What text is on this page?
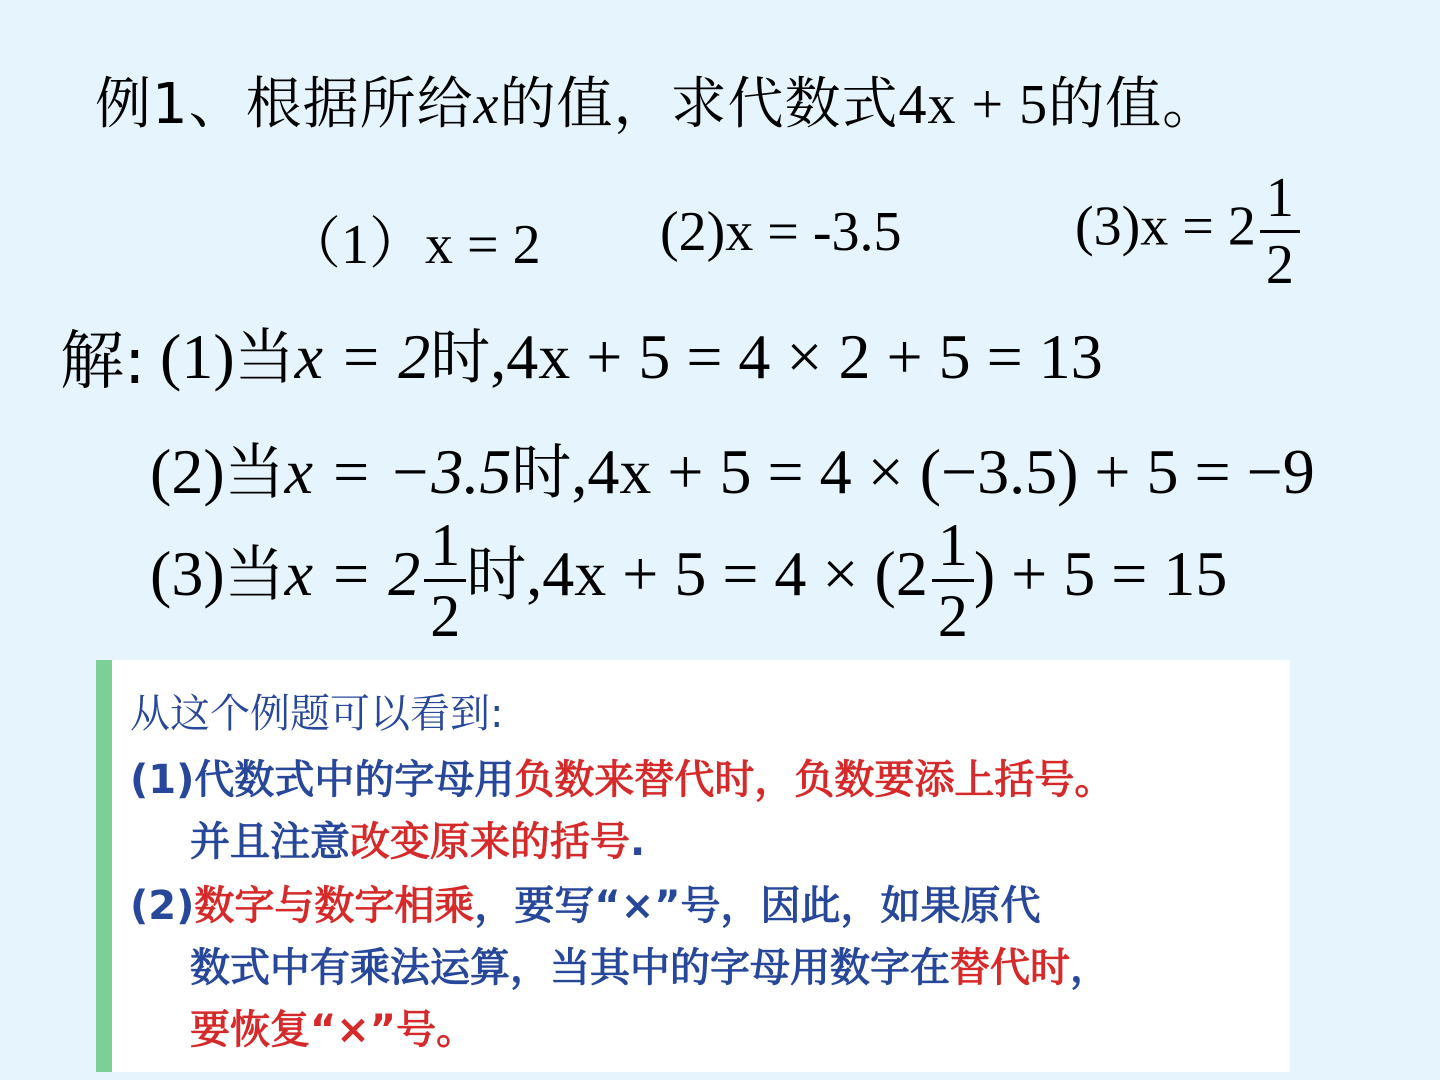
例1、根据所给x的值，求代数式4x + 5的值。
（1）x = 2 (2)x = -3.5	$(3)x = 2 \frac{1}{2}$
解: (1)当x = 2时,4x + 5 = 4 × 2 + 5 = 13
(2)当x = −3.5时,4x + 5 = 4 × (−3.5) + 5 = −9
(3)当$x = 2 \frac{1}{2}$ 时$,4x + 5 = 4 \times (2 \frac{1}{2}$ ) + 5 = 15
从这个例题可以看到:
(1)代数式中的字母用负数来替代时，负数要添上括号。
并且注意改变原来的括号.
(2)数字与数字相乘，要写“×”号，因此，如果原代
数式中有乘法运算，当其中的字母用数字在替代时，
要恢复“×”号。
